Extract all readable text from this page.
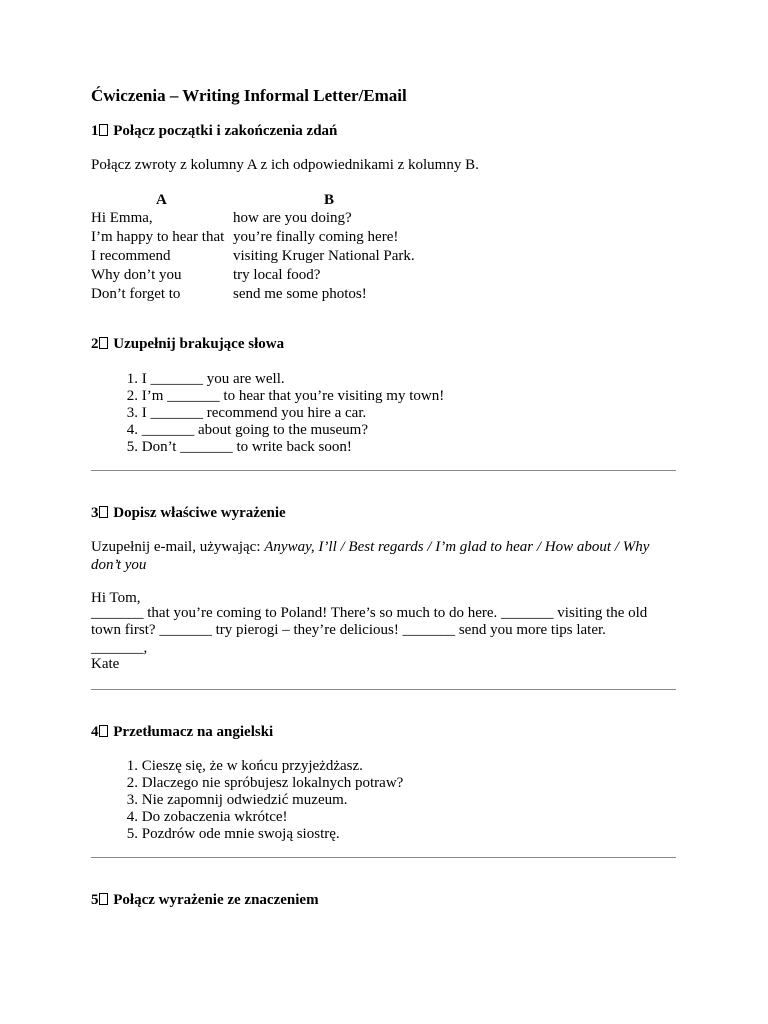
Ćwiczenia – Writing Informal Letter/Email
1 Połącz początki i zakończenia zdań
Połącz zwroty z kolumny A z ich odpowiednikami z kolumny B.
A	B
Hi Emma,	how are you doing?
I’m happy to hear that	you’re finally coming here!
I recommend	visiting Kruger National Park.
Why don’t you	try local food?
Don’t forget to	send me some photos!
2 Uzupełnij brakujące słowa
1. I _______ you are well.
2. I’m _______ to hear that you’re visiting my town!
3. I _______ recommend you hire a car.
4. _______ about going to the museum?
5. Don’t _______ to write back soon!
3 Dopisz właściwe wyrażenie
Uzupełnij e-mail, używając: Anyway, I’ll / Best regards / I’m glad to hear / How about / Why don’t you
Hi Tom,
_______ that you’re coming to Poland! There’s so much to do here. _______ visiting the old town first? _______ try pierogi – they’re delicious! _______ send you more tips later.
_______,
Kate
4 Przetłumacz na angielski
1. Cieszę się, że w końcu przyjeżdżasz.
2. Dlaczego nie spróbujesz lokalnych potraw?
3. Nie zapomnij odwiedzić muzeum.
4. Do zobaczenia wkrótce!
5. Pozdrów ode mnie swoją siostrę.
5 Połącz wyrażenie ze znaczeniem
